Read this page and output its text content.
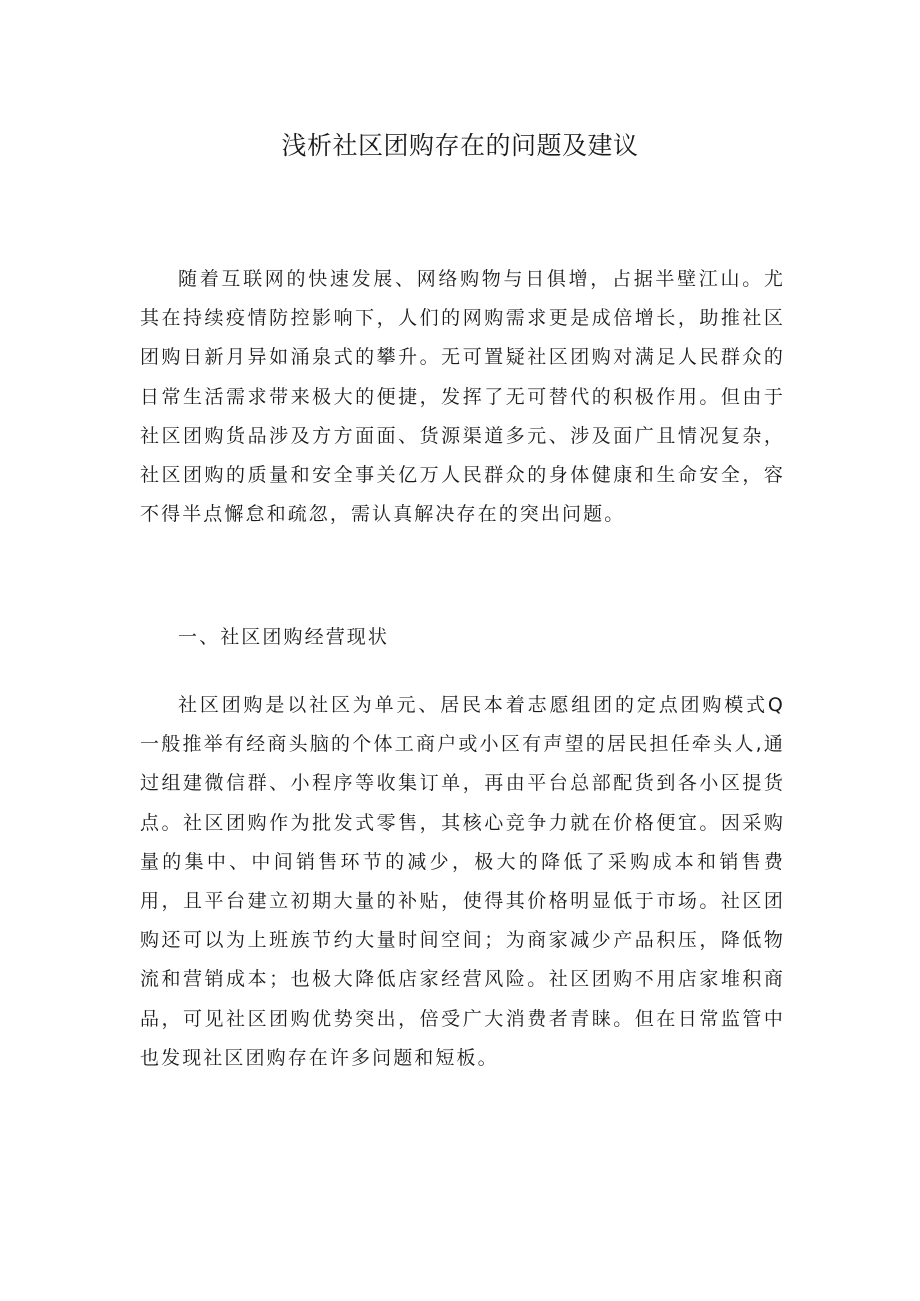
浅析社区团购存在的问题及建议

随着互联网的快速发展、网络购物与日俱增，占据半壁江山。尤其在持续疫情防控影响下，人们的网购需求更是成倍增长，助推社区团购日新月异如涌泉式的攀升。无可置疑社区团购对满足人民群众的日常生活需求带来极大的便捷，发挥了无可替代的积极作用。但由于社区团购货品涉及方方面面、货源渠道多元、涉及面广且情况复杂，社区团购的质量和安全事关亿万人民群众的身体健康和生命安全，容不得半点懈怠和疏忽，需认真解决存在的突出问题。

一、社区团购经营现状

社区团购是以社区为单元、居民本着志愿组团的定点团购模式Q一般推举有经商头脑的个体工商户或小区有声望的居民担任牵头人,通过组建微信群、小程序等收集订单，再由平台总部配货到各小区提货点。社区团购作为批发式零售，其核心竞争力就在价格便宜。因采购量的集中、中间销售环节的减少，极大的降低了采购成本和销售费用，且平台建立初期大量的补贴，使得其价格明显低于市场。社区团购还可以为上班族节约大量时间空间；为商家减少产品积压，降低物流和营销成本；也极大降低店家经营风险。社区团购不用店家堆积商品，可见社区团购优势突出，倍受广大消费者青睐。但在日常监管中也发现社区团购存在许多问题和短板。
